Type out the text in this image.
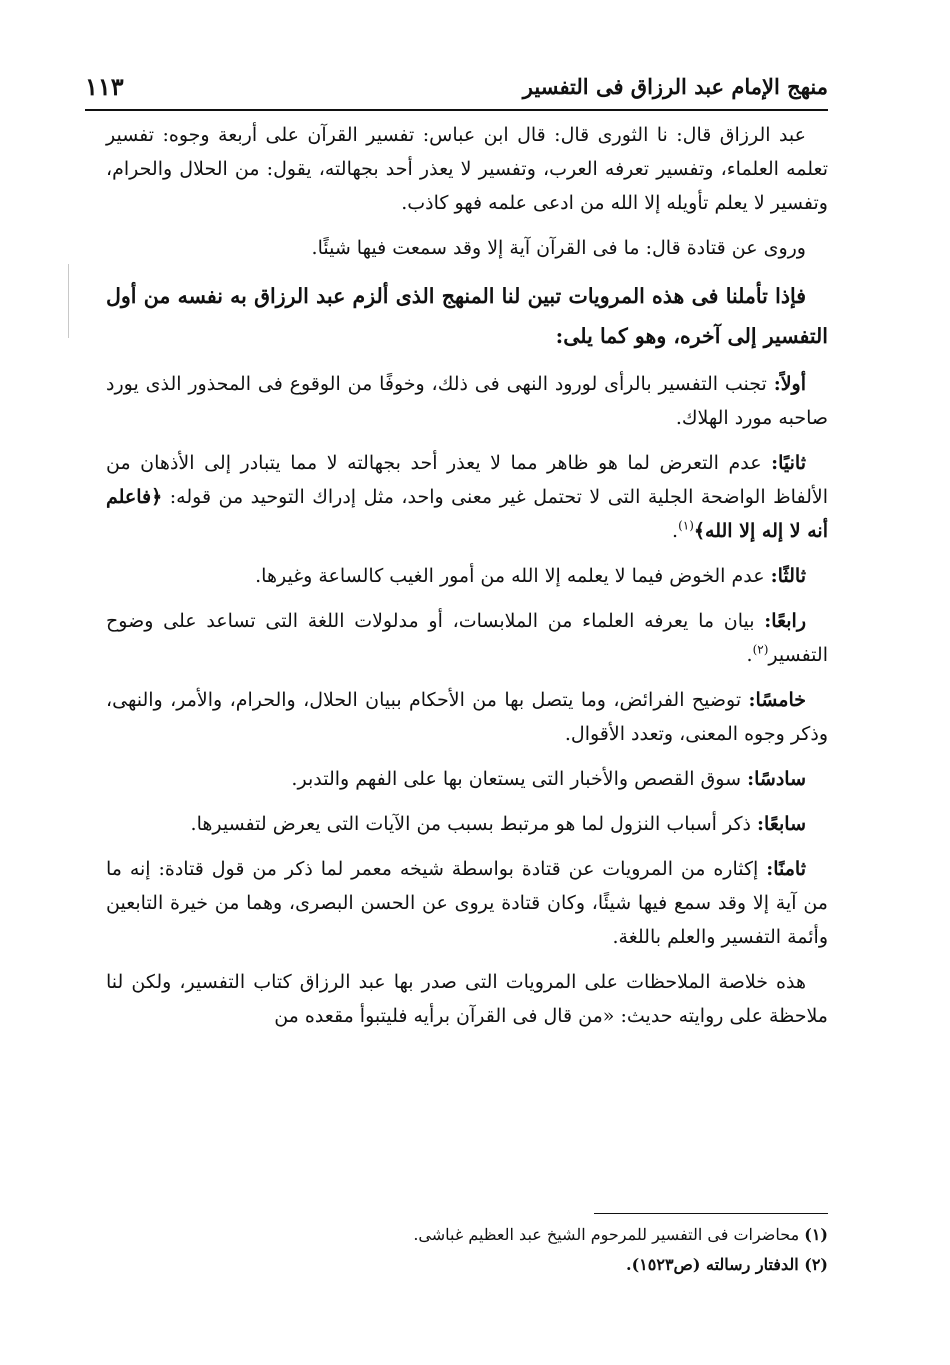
منهج الإمام عبد الرزاق فى التفسير
١١٣

عبد الرزاق قال: نا الثورى قال: قال ابن عباس: تفسير القرآن على أربعة وجوه: تفسير تعلمه العلماء، وتفسير تعرفه العرب، وتفسير لا يعذر أحد بجهالته، يقول: من الحلال والحرام، وتفسير لا يعلم تأويله إلا الله من ادعى علمه فهو كاذب.

وروى عن قتادة قال: ما فى القرآن آية إلا وقد سمعت فيها شيئًا.

فإذا تأملنا فى هذه المرويات تبين لنا المنهج الذى ألزم عبد الرزاق به نفسه من أول التفسير إلى آخره، وهو كما يلى:

أولاً: تجنب التفسير بالرأى لورود النهى فى ذلك، وخوفًا من الوقوع فى المحذور الذى يورد صاحبه مورد الهلاك.

ثانيًا: عدم التعرض لما هو ظاهر مما لا يعذر أحد بجهالته لا مما يتبادر إلى الأذهان من الألفاظ الواضحة الجلية التى لا تحتمل غير معنى واحد، مثل إدراك التوحيد من قوله: ﴿فاعلم أنه لا إله إلا الله﴾$^{(١)}$.

ثالثًا: عدم الخوض فيما لا يعلمه إلا الله من أمور الغيب كالساعة وغيرها.

رابعًا: بيان ما يعرفه العلماء من الملابسات، أو مدلولات اللغة التى تساعد على وضوح التفسير$^{(٢)}$.

خامسًا: توضيح الفرائض، وما يتصل بها من الأحكام ببيان الحلال، والحرام، والأمر، والنهى، وذكر وجوه المعنى، وتعدد الأقوال.

سادسًا: سوق القصص والأخبار التى يستعان بها على الفهم والتدبر.

سابعًا: ذكر أسباب النزول لما هو مرتبط بسبب من الآيات التى يعرض لتفسيرها.

ثامنًا: إكثاره من المرويات عن قتادة بواسطة شيخه معمر لما ذكر من قول قتادة: إنه ما من آية إلا وقد سمع فيها شيئًا، وكان قتادة يروى عن الحسن البصرى، وهما من خيرة التابعين وأئمة التفسير والعلم باللغة.

هذه خلاصة الملاحظات على المرويات التى صدر بها عبد الرزاق كتاب التفسير، ولكن لنا ملاحظة على روايته حديث: «من قال فى القرآن برأيه فليتبوأ مقعده من

(١) محاضرات فى التفسير للمرحوم الشيخ عبد العظيم غباشى.

(٢) الدفتار رسالته (ص١٥٢٣).
